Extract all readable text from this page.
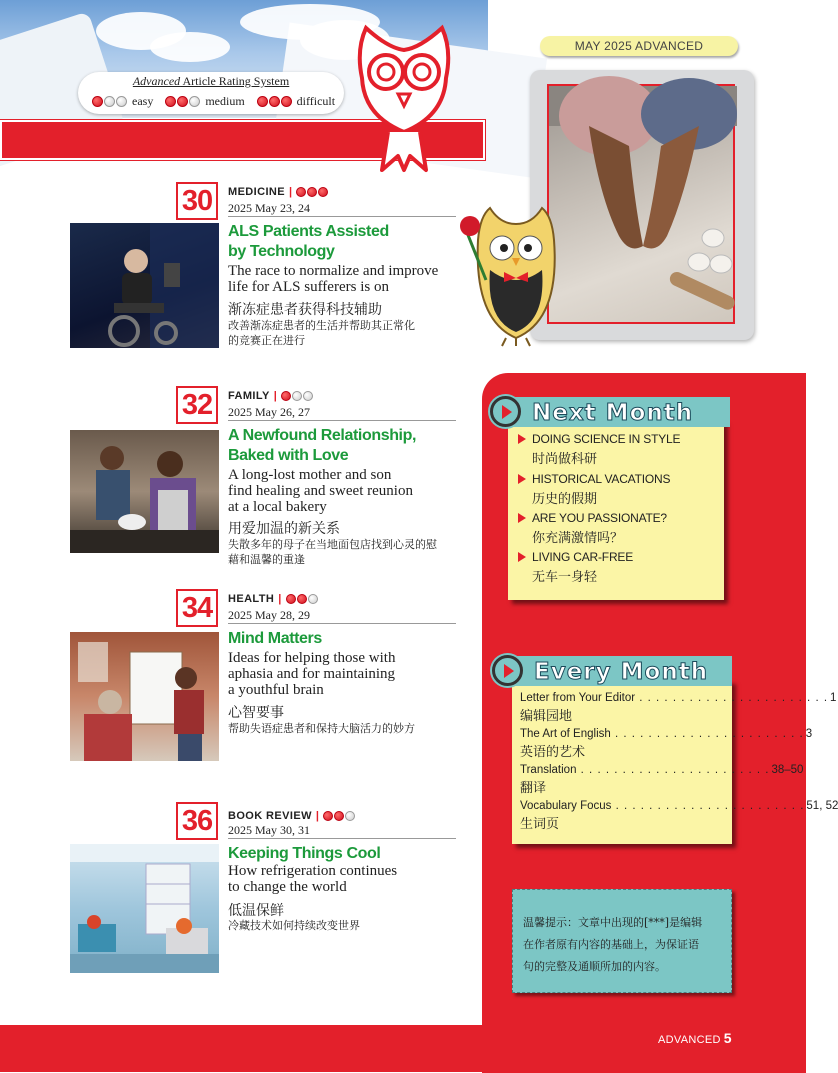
Advanced Article Rating System
easy	medium	difficult
MAY 2025 ADVANCED
30	MEDICINE |
2025 May 23, 24
ALS Patients Assisted
by Technology
The race to normalize and improve
life for ALS sufferers is on
渐冻症患者获得科技辅助
改善渐冻症患者的生活并帮助其正常化
的竞赛正在进行
32	FAMILY |
2025 May 26, 27
A Newfound Relationship,
Baked with Love
A long-lost mother and son
find healing and sweet reunion
at a local bakery
用爱加温的新关系
失散多年的母子在当地面包店找到心灵的慰
藉和温馨的重逢
34	HEALTH |
2025 May 28, 29
Mind Matters
Ideas for helping those with
aphasia and for maintaining
a youthful brain
心智要事
帮助失语症患者和保持大脑活力的妙方
36	BOOK REVIEW |
2025 May 30, 31
Keeping Things Cool
How refrigeration continues
to change the world
低温保鲜
冷藏技术如何持续改变世界
DOING SCIENCE IN STYLE
时尚做科研
HISTORICAL VACATIONS
历史的假期
ARE YOU PASSIONATE?
你充满激情吗？
LIVING CAR-FREE
无车一身轻
Next Month
Letter from Your Editor . . . . . . . . . . . . . . . . . . . . . . . 1
编辑园地
The Art of English . . . . . . . . . . . . . . . . . . . . . . . 3
英语的艺术
Translation . . . . . . . . . . . . . . . . . . . . . . . 38–50
翻译
Vocabulary Focus . . . . . . . . . . . . . . . . . . . . . . . 51, 52
生词页
Every Month

温馨提示：文章中出现的[***]是编辑
在作者原有内容的基础上，为保证语
句的完整及通顺所加的内容。

ADVANCED 5
